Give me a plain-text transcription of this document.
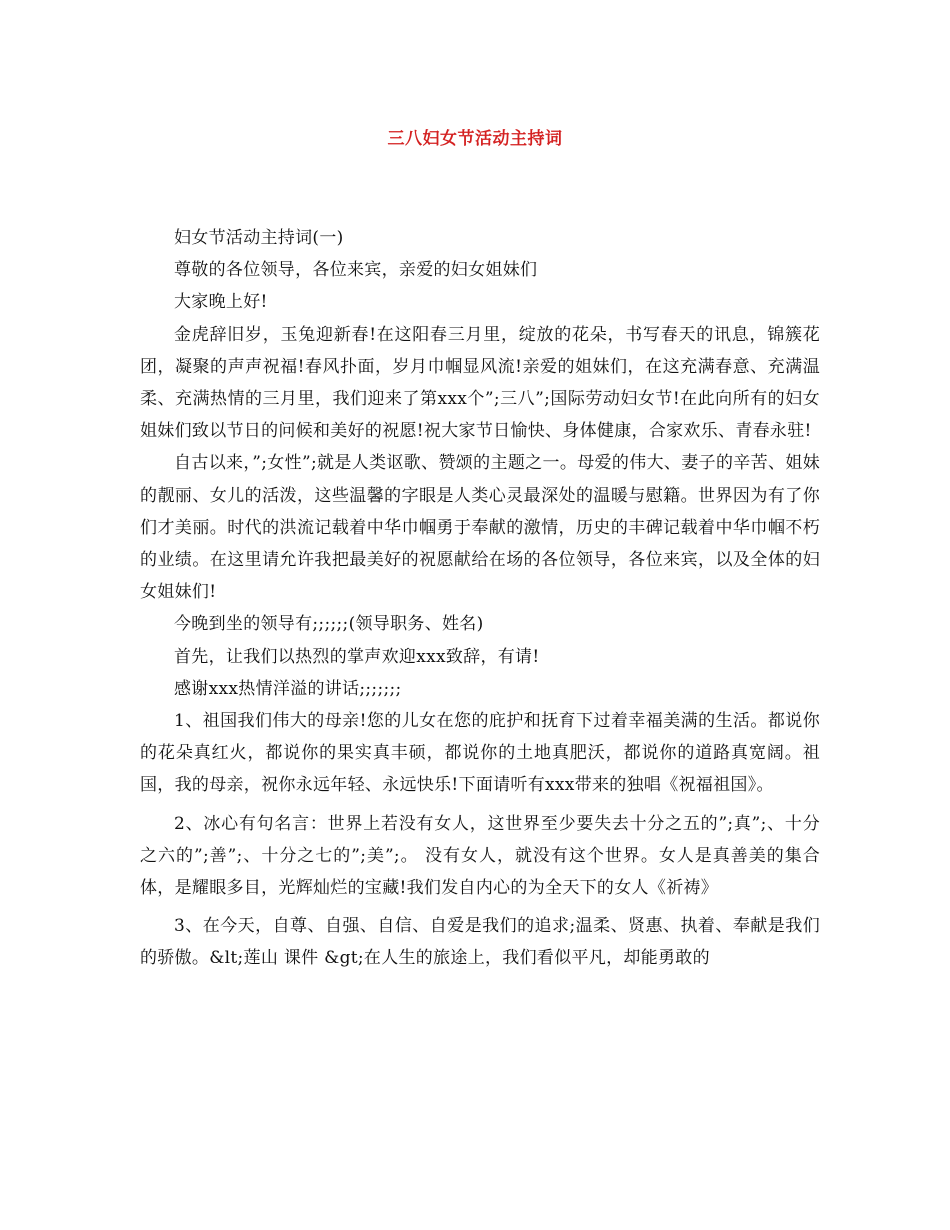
三八妇女节活动主持词

妇女节活动主持词(一)

尊敬的各位领导，各位来宾，亲爱的妇女姐妹们

大家晚上好!

金虎辞旧岁，玉兔迎新春!在这阳春三月里，绽放的花朵，书写春天的讯息，锦簇花团，凝聚的声声祝福!春风扑面，岁月巾帼显风流!亲爱的姐妹们，在这充满春意、充满温柔、充满热情的三月里，我们迎来了第xxx个”;三八”;国际劳动妇女节!在此向所有的妇女姐妹们致以节日的问候和美好的祝愿!祝大家节日愉快、身体健康，合家欢乐、青春永驻!

自古以来，”;女性”;就是人类讴歌、赞颂的主题之一。母爱的伟大、妻子的辛苦、姐妹的靓丽、女儿的活泼，这些温馨的字眼是人类心灵最深处的温暖与慰籍。世界因为有了你们才美丽。时代的洪流记载着中华巾帼勇于奉献的激情，历史的丰碑记载着中华巾帼不朽的业绩。在这里请允许我把最美好的祝愿献给在场的各位领导，各位来宾，以及全体的妇女姐妹们!

今晚到坐的领导有;;;;;;(领导职务、姓名)

首先，让我们以热烈的掌声欢迎xxx致辞，有请!

感谢xxx热情洋溢的讲话;;;;;;;

1、祖国我们伟大的母亲!您的儿女在您的庇护和抚育下过着幸福美满的生活。都说你的花朵真红火，都说你的果实真丰硕，都说你的土地真肥沃，都说你的道路真宽阔。祖国，我的母亲，祝你永远年轻、永远快乐!下面请听有xxx带来的独唱《祝福祖国》。

2、冰心有句名言：世界上若没有女人，这世界至少要失去十分之五的”;真”;、十分之六的”;善”;、十分之七的”;美”;。 没有女人，就没有这个世界。女人是真善美的集合体，是耀眼多目，光辉灿烂的宝藏!我们发自内心的为全天下的女人《祈祷》

3、在今天，自尊、自强、自信、自爱是我们的追求;温柔、贤惠、执着、奉献是我们的骄傲。&lt;莲山 课件 &gt;在人生的旅途上，我们看似平凡，却能勇敢的
